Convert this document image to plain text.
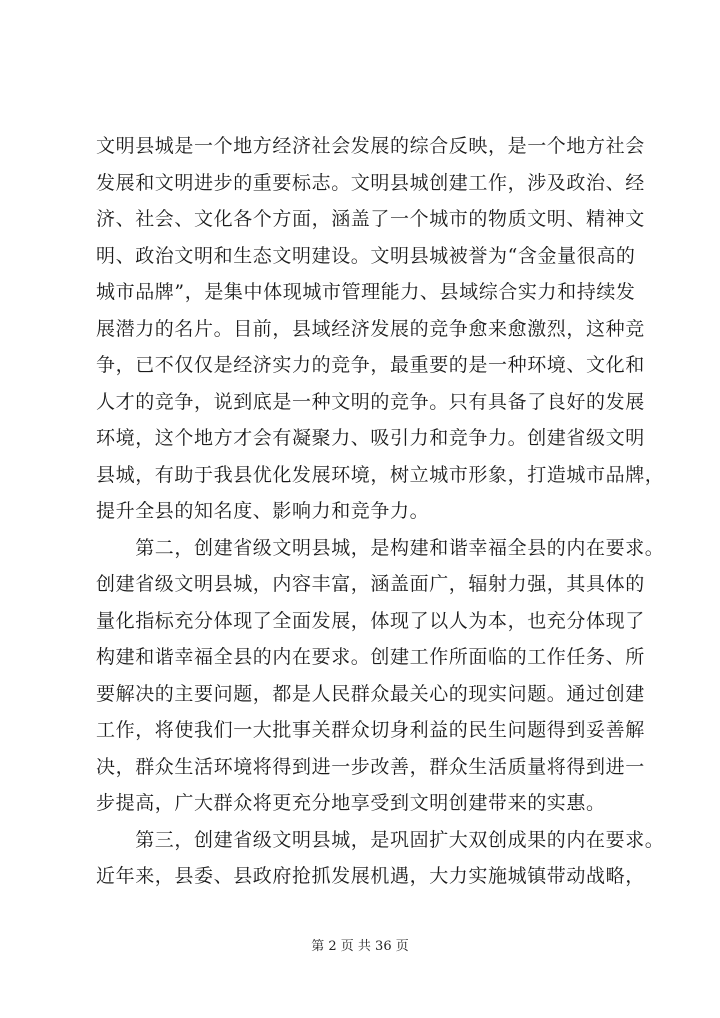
文明县城是一个地方经济社会发展的综合反映，是一个地方社会
发展和文明进步的重要标志。文明县城创建工作，涉及政治、经
济、社会、文化各个方面，涵盖了一个城市的物质文明、精神文
明、政治文明和生态文明建设。文明县城被誉为“含金量很高的
城市品牌”，是集中体现城市管理能力、县域综合实力和持续发
展潜力的名片。目前，县域经济发展的竞争愈来愈激烈，这种竞
争，已不仅仅是经济实力的竞争，最重要的是一种环境、文化和
人才的竞争，说到底是一种文明的竞争。只有具备了良好的发展
环境，这个地方才会有凝聚力、吸引力和竞争力。创建省级文明
县城，有助于我县优化发展环境，树立城市形象，打造城市品牌，
提升全县的知名度、影响力和竞争力。
　　第二，创建省级文明县城，是构建和谐幸福全县的内在要求。
创建省级文明县城，内容丰富，涵盖面广，辐射力强，其具体的
量化指标充分体现了全面发展，体现了以人为本，也充分体现了
构建和谐幸福全县的内在要求。创建工作所面临的工作任务、所
要解决的主要问题，都是人民群众最关心的现实问题。通过创建
工作，将使我们一大批事关群众切身利益的民生问题得到妥善解
决，群众生活环境将得到进一步改善，群众生活质量将得到进一
步提高，广大群众将更充分地享受到文明创建带来的实惠。
　　第三，创建省级文明县城，是巩固扩大双创成果的内在要求。
近年来，县委、县政府抢抓发展机遇，大力实施城镇带动战略，
第 2 页 共 36 页
